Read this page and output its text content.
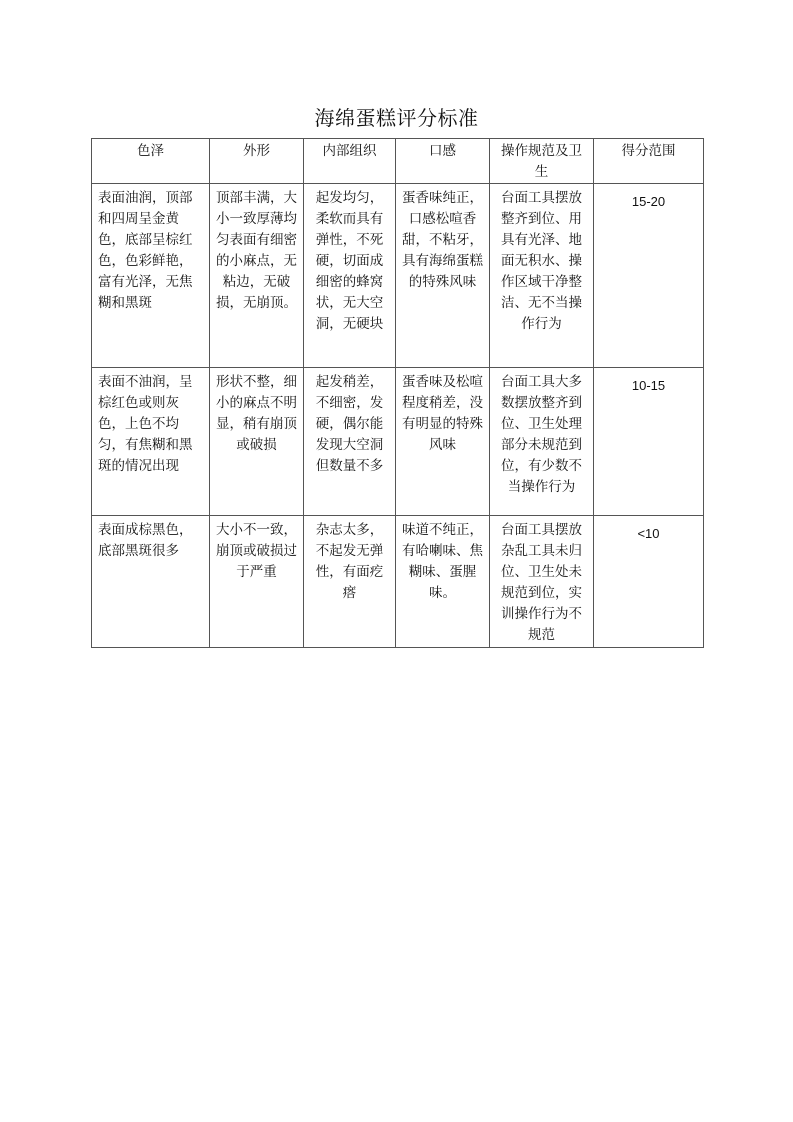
海绵蛋糕评分标准
色泽	外形	内部组织	口感	操作规范及卫生	得分范围
表面油润，顶部和四周呈金黄色，底部呈棕红色，色彩鲜艳，富有光泽，无焦糊和黑斑	顶部丰满，大小一致厚薄均匀表面有细密的小麻点，无粘边，无破损，无崩顶。	起发均匀，柔软而具有弹性，不死硬，切面成细密的蜂窝状，无大空洞，无硬块	蛋香味纯正，口感松喧香甜，不粘牙，具有海绵蛋糕的特殊风味	台面工具摆放整齐到位、用具有光泽、地面无积水、操作区域干净整洁、无不当操作行为	15-20
表面不油润，呈棕红色或则灰色，上色不均匀，有焦糊和黑斑的情况出现	形状不整，细小的麻点不明显，稍有崩顶或破损	起发稍差，不细密，发硬，偶尔能发现大空洞但数量不多	蛋香味及松喧程度稍差，没有明显的特殊风味	台面工具大多数摆放整齐到位、卫生处理部分未规范到位，有少数不当操作行为	10-15
表面成棕黑色，底部黑斑很多	大小不一致，崩顶或破损过于严重	杂志太多，不起发无弹性，有面疙瘩	味道不纯正，有哈喇味、焦糊味、蛋腥味。	台面工具摆放杂乱工具未归位、卫生处未规范到位，实训操作行为不规范	<10
